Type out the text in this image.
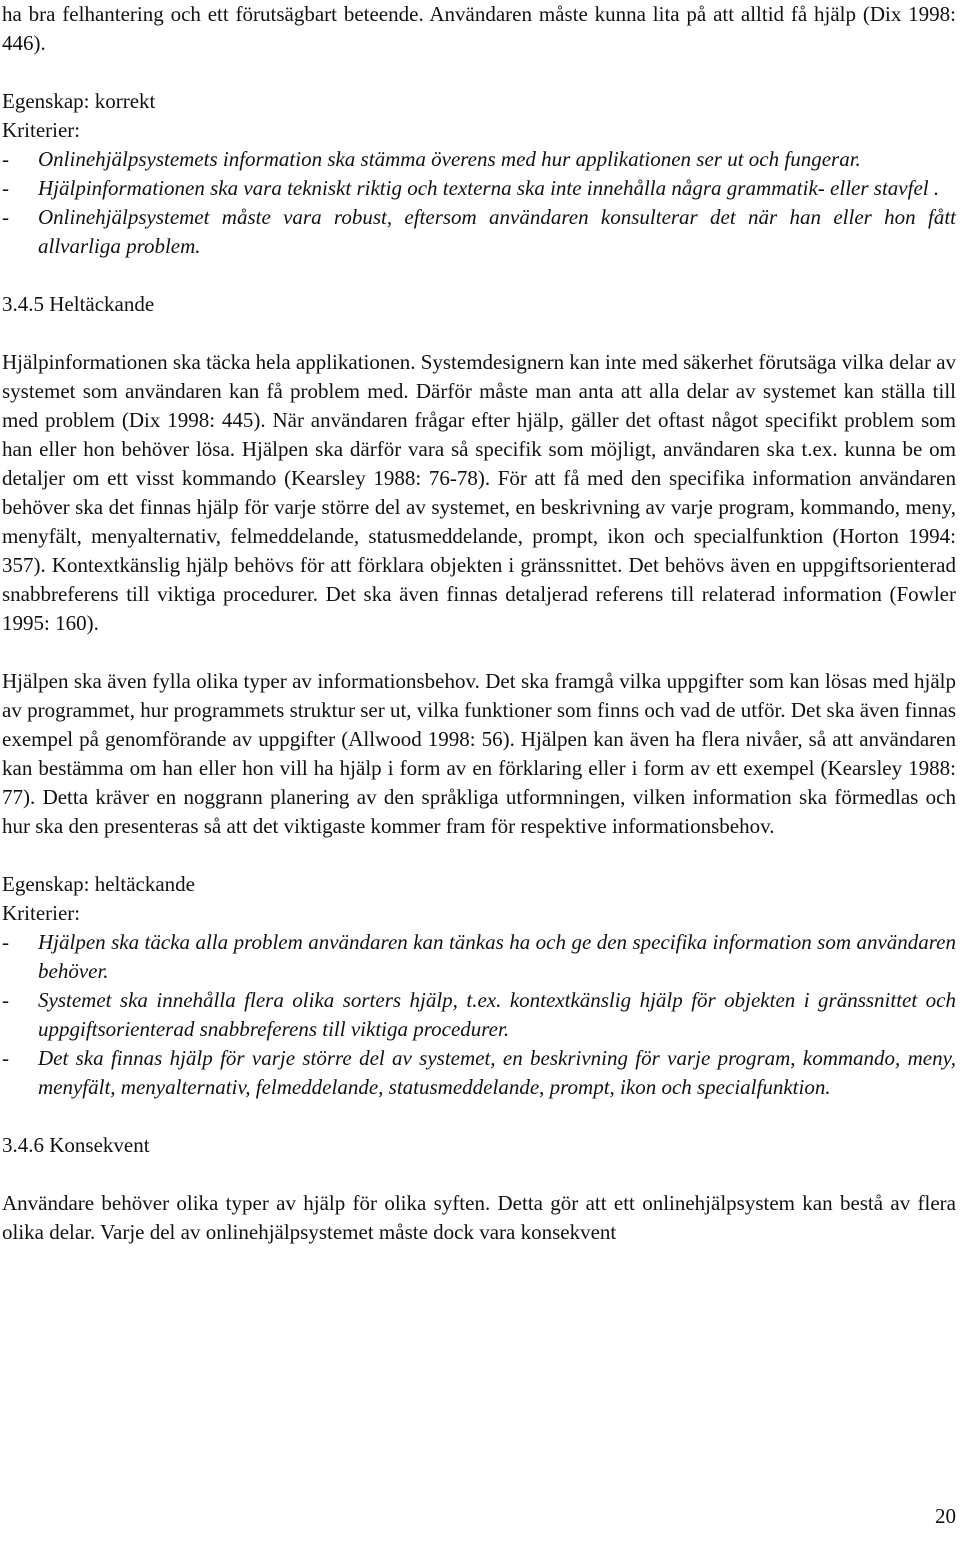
ha bra felhantering och ett förutsägbart beteende. Användaren måste kunna lita på att alltid få hjälp (Dix 1998: 446).

Egenskap: korrekt
Kriterier:
- Onlinehjälpsystemets information ska stämma överens med hur applikationen ser ut och fungerar.
- Hjälpinformationen ska vara tekniskt riktig och texterna ska inte innehålla några grammatik- eller stavfel .
- Onlinehjälpsystemet måste vara robust, eftersom användaren konsulterar det när han eller hon fått allvarliga problem.
3.4.5 Heltäckande

Hjälpinformationen ska täcka hela applikationen. Systemdesignern kan inte med säkerhet förutsäga vilka delar av systemet som användaren kan få problem med. Därför måste man anta att alla delar av systemet kan ställa till med problem (Dix 1998: 445). När användaren frågar efter hjälp, gäller det oftast något specifikt problem som han eller hon behöver lösa. Hjälpen ska därför vara så specifik som möjligt, användaren ska t.ex. kunna be om detaljer om ett visst kommando (Kearsley 1988: 76-78). För att få med den specifika information användaren behöver ska det finnas hjälp för varje större del av systemet, en beskrivning av varje program, kommando, meny, menyfält, menyalternativ, felmeddelande, statusmeddelande, prompt, ikon och specialfunktion (Horton 1994: 357). Kontextkänslig hjälp behövs för att förklara objekten i gränssnittet. Det behövs även en uppgiftsorienterad snabbreferens till viktiga procedurer. Det ska även finnas detaljerad referens till relaterad information (Fowler 1995: 160).

Hjälpen ska även fylla olika typer av informationsbehov. Det ska framgå vilka uppgifter som kan lösas med hjälp av programmet, hur programmets struktur ser ut, vilka funktioner som finns och vad de utför. Det ska även finnas exempel på genomförande av uppgifter (Allwood 1998: 56). Hjälpen kan även ha flera nivåer, så att användaren kan bestämma om han eller hon vill ha hjälp i form av en förklaring eller i form av ett exempel (Kearsley 1988: 77). Detta kräver en noggrann planering av den språkliga utformningen, vilken information ska förmedlas och hur ska den presenteras så att det viktigaste kommer fram för respektive informationsbehov.

Egenskap: heltäckande
Kriterier:
- Hjälpen ska täcka alla problem användaren kan tänkas ha och ge den specifika information som användaren behöver.
- Systemet ska innehålla flera olika sorters hjälp, t.ex. kontextkänslig hjälp för objekten i gränssnittet och uppgiftsorienterad snabbreferens till viktiga procedurer.
- Det ska finnas hjälp för varje större del av systemet, en beskrivning för varje program, kommando, meny, menyfält, menyalternativ, felmeddelande, statusmeddelande, prompt, ikon och specialfunktion.
3.4.6 Konsekvent

Användare behöver olika typer av hjälp för olika syften. Detta gör att ett onlinehjälpsystem kan bestå av flera olika delar. Varje del av onlinehjälpsystemet måste dock vara konsekvent

20
